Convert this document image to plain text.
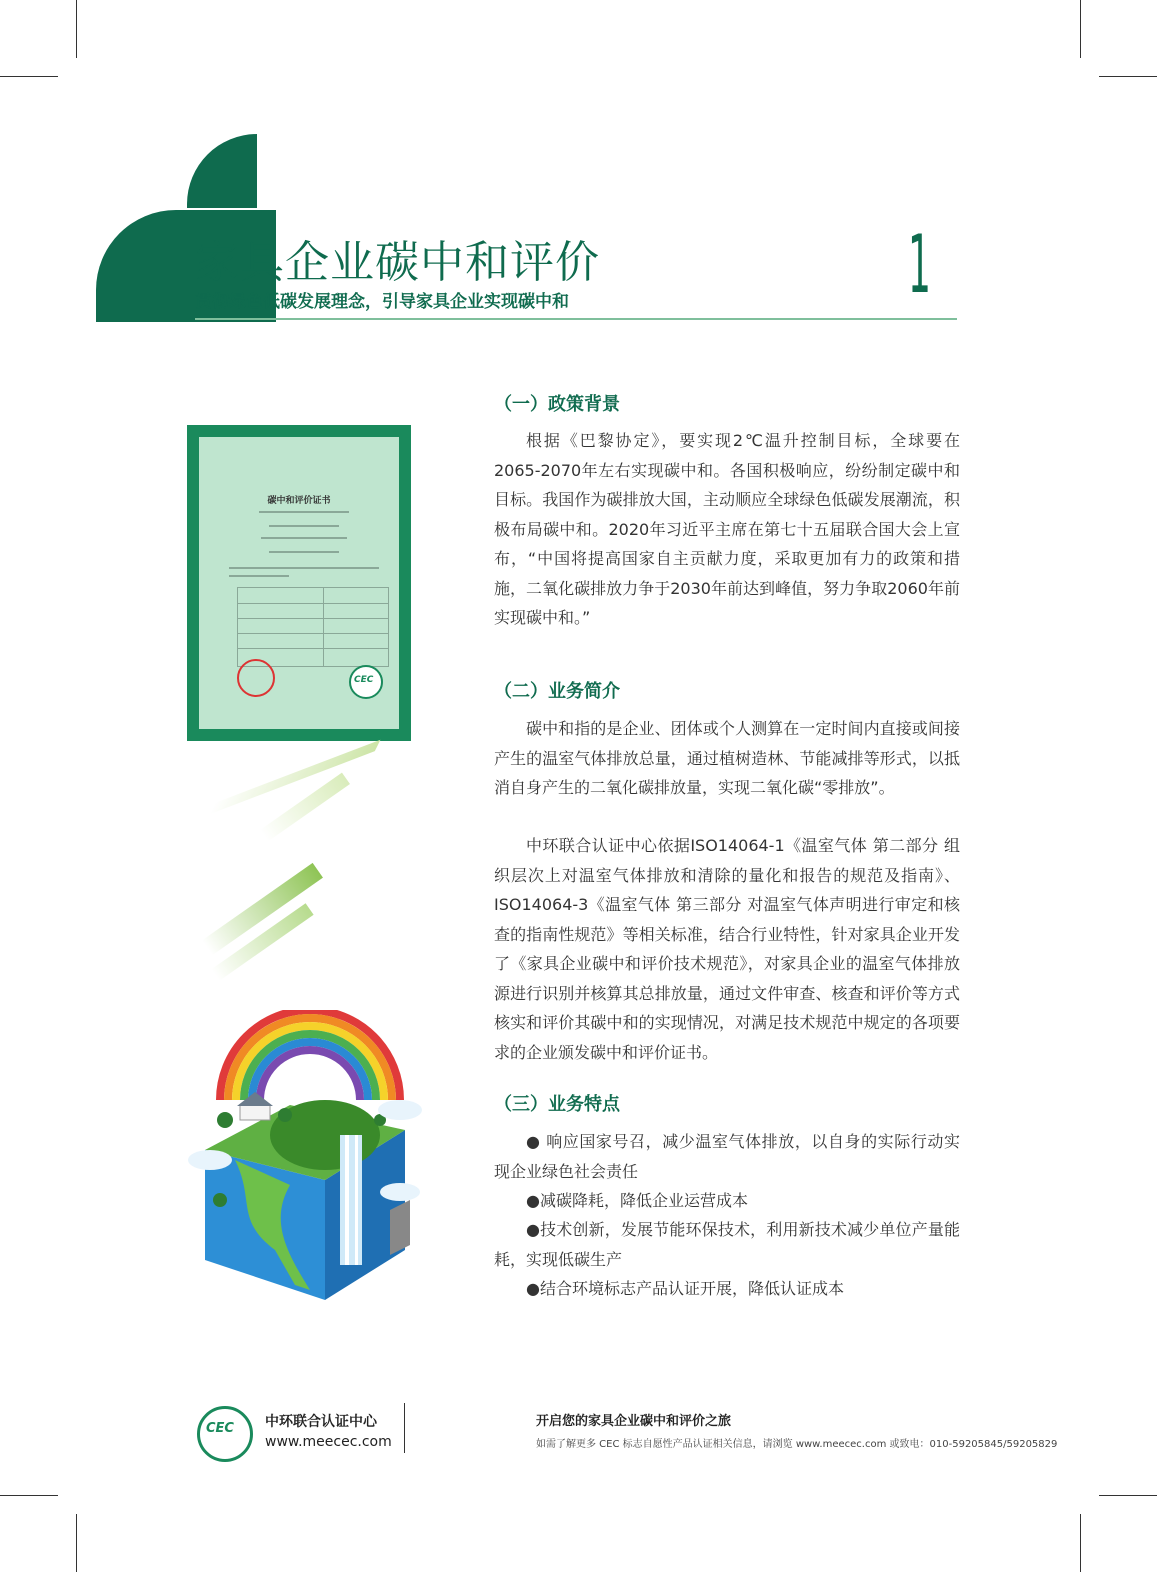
家具企业碳中和评价
贯彻绿色低碳发展理念，引导家具企业实现碳中和	1
碳中和评价证书
CEC
（一）政策背景
根据《巴黎协定》，要实现2℃温升控制目标，全球要在2065-2070年左右实现碳中和。各国积极响应，纷纷制定碳中和目标。我国作为碳排放大国，主动顺应全球绿色低碳发展潮流，积极布局碳中和。2020年习近平主席在第七十五届联合国大会上宣布，“中国将提高国家自主贡献力度，采取更加有力的政策和措施，二氧化碳排放力争于2030年前达到峰值，努力争取2060年前实现碳中和。”
（二）业务简介
碳中和指的是企业、团体或个人测算在一定时间内直接或间接产生的温室气体排放总量，通过植树造林、节能减排等形式，以抵消自身产生的二氧化碳排放量，实现二氧化碳“零排放”。
中环联合认证中心依据ISO14064-1《温室气体 第二部分 组织层次上对温室气体排放和清除的量化和报告的规范及指南》、ISO14064-3《温室气体 第三部分 对温室气体声明进行审定和核查的指南性规范》等相关标准，结合行业特性，针对家具企业开发了《家具企业碳中和评价技术规范》，对家具企业的温室气体排放源进行识别并核算其总排放量，通过文件审查、核查和评价等方式核实和评价其碳中和的实现情况，对满足技术规范中规定的各项要求的企业颁发碳中和评价证书。
（三）业务特点
● 响应国家号召，减少温室气体排放，以自身的实际行动实现企业绿色社会责任
●减碳降耗，降低企业运营成本
●技术创新，发展节能环保技术，利用新技术减少单位产量能耗，实现低碳生产
●结合环境标志产品认证开展，降低认证成本
CEC 中环联合认证中心
www.meecec.com
开启您的家具企业碳中和评价之旅
如需了解更多 CEC 标志自愿性产品认证相关信息，请浏览 www.meecec.com 或致电：010-59205845/59205829
